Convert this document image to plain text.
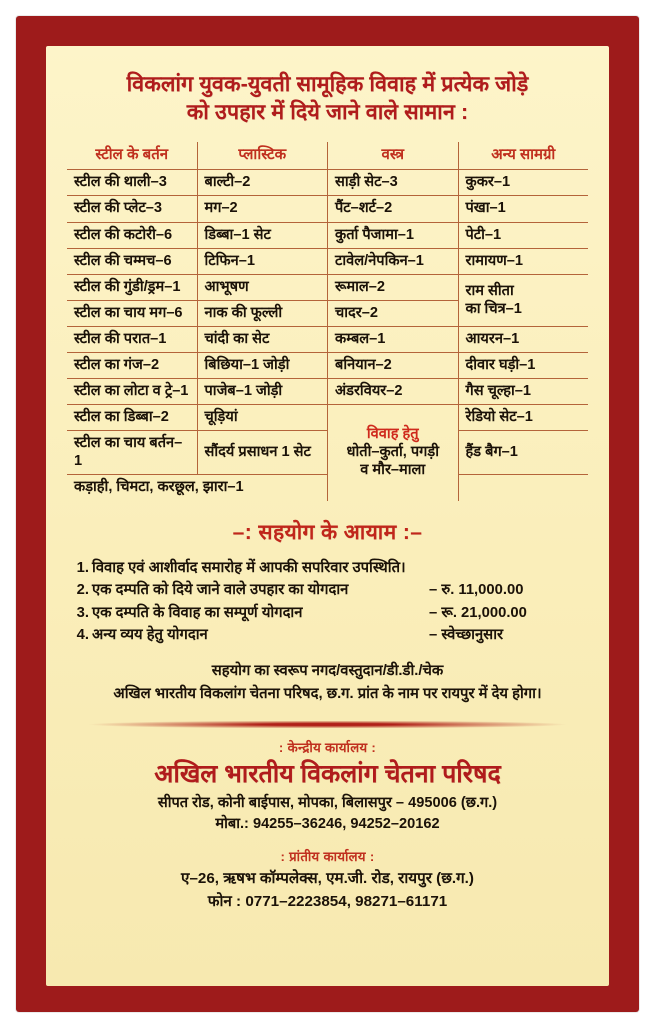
विकलांग युवक-युवती सामूहिक विवाह में प्रत्येक जोड़े
को उपहार में दिये जाने वाले सामान :
स्टील के बर्तन	प्लास्टिक	वस्त्र	अन्य सामग्री
स्टील की थाली–3	बाल्टी–2	साड़ी सेट–3	कुकर–1
स्टील की प्लेट–3	मग–2	पैंट–शर्ट–2	पंखा–1
स्टील की कटोरी–6	डिब्बा–1 सेट	कुर्ता पैजामा–1	पेटी–1
स्टील की चम्मच–6	टिफिन–1	टावेल/नेपकिन–1	रामायण–1
स्टील की गुंडी/ड्रम–1	आभूषण	रूमाल–2	राम सीता
का चित्र–1
स्टील का चाय मग–6	नाक की फूल्ली	चादर–2	
स्टील की परात–1	चांदी का सेट	कम्बल–1	आयरन–1
स्टील का गंज–2	बिछिया–1 जोड़ी	बनियान–2	दीवार घड़ी–1
स्टील का लोटा व ट्रे–1	पाजेब–1 जोड़ी	अंडरवियर–2	गैस चूल्हा–1
स्टील का डिब्बा–2	चूड़ियां	विवाह हेतु
धोती–कुर्ता, पगड़ी
व मौर–माला	रेडियो सेट–1
स्टील का चाय बर्तन–1	सौंदर्य प्रसाधन 1 सेट		हैंड बैग–1
कड़ाही, चिमटा, करछूल, झारा–1			
–: सहयोग के आयाम :–
विवाह एवं आशीर्वाद समारोह में आपकी सपरिवार उपस्थिति।
एक दम्पति को दिये जाने वाले उपहार का योगदान	– रु. 11,000.00
एक दम्पति के विवाह का सम्पूर्ण योगदान	– रू. 21,000.00
अन्य व्यय हेतु योगदान	– स्वेच्छानुसार
सहयोग का स्वरूप नगद/वस्तुदान/डी.डी./चेक
अखिल भारतीय विकलांग चेतना परिषद, छ.ग. प्रांत के नाम पर रायपुर में देय होगा।
: केन्द्रीय कार्यालय :
अखिल भारतीय विकलांग चेतना परिषद
सीपत रोड, कोनी बाईपास, मोपका, बिलासपुर – 495006 (छ.ग.)
मोबा.: 94255–36246, 94252–20162
: प्रांतीय कार्यालय :
ए–26, ऋषभ कॉम्पलेक्स, एम.जी. रोड, रायपुर (छ.ग.)
फोन : 0771–2223854, 98271–61171
